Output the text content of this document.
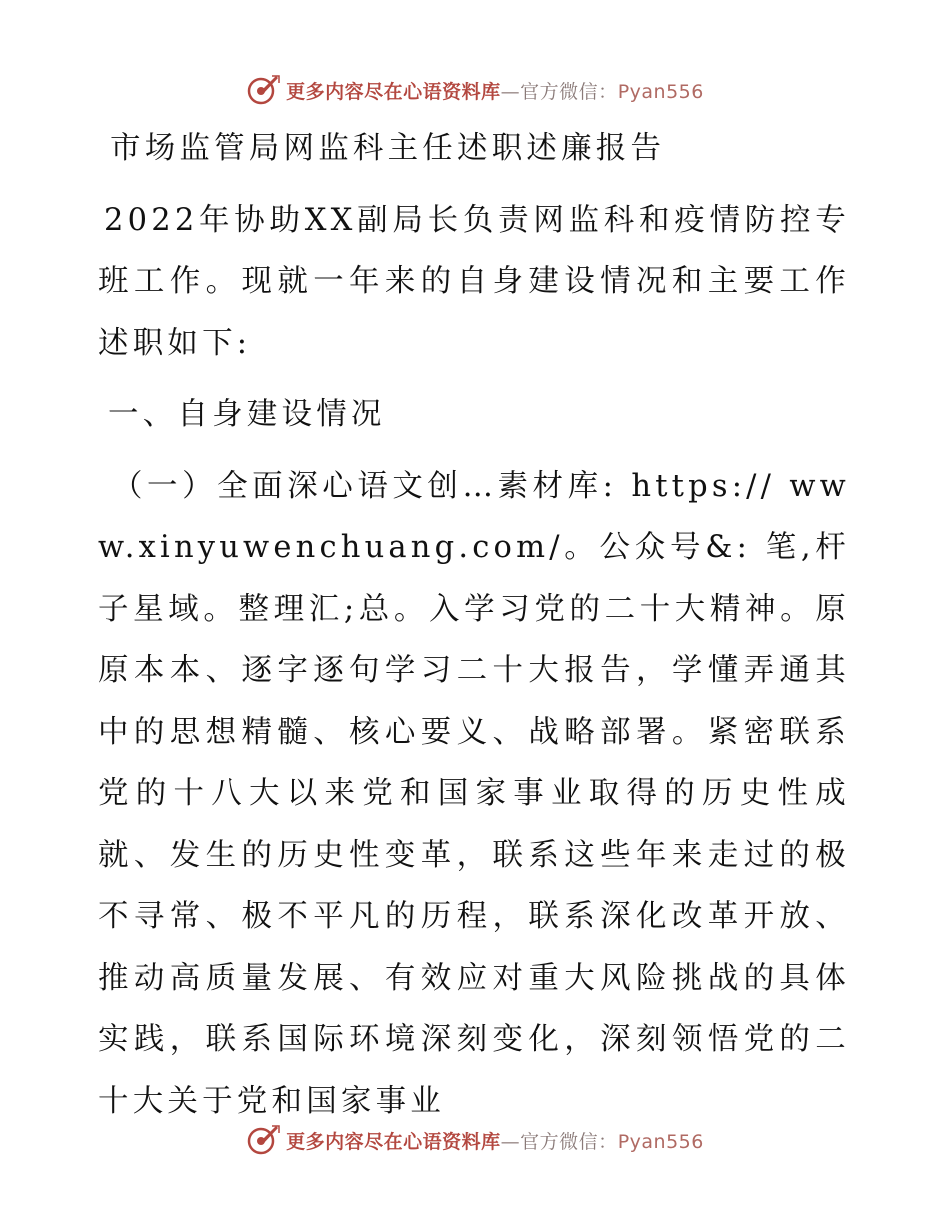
更多内容尽在心语资料库—官方微信：Pyan556

市场监管局网监科主任述职述廉报告

2022年协助XX副局长负责网监科和疫情防控专班工作。现就一年来的自身建设情况和主要工作述职如下:

一、自身建设情况

（一）全面深心语文创…素材库: https:// www.xinyuwenchuang.com/。公众号&: 笔,杆子星域。整理汇;总。入学习党的二十大精神。原原本本、逐字逐句学习二十大报告，学懂弄通其中的思想精髓、核心要义、战略部署。紧密联系党的十八大以来党和国家事业取得的历史性成就、发生的历史性变革，联系这些年来走过的极不寻常、极不平凡的历程，联系深化改革开放、推动高质量发展、有效应对重大风险挑战的具体实践，联系国际环境深刻变化，深刻领悟党的二十大关于党和国家事业

更多内容尽在心语资料库—官方微信：Pyan556
